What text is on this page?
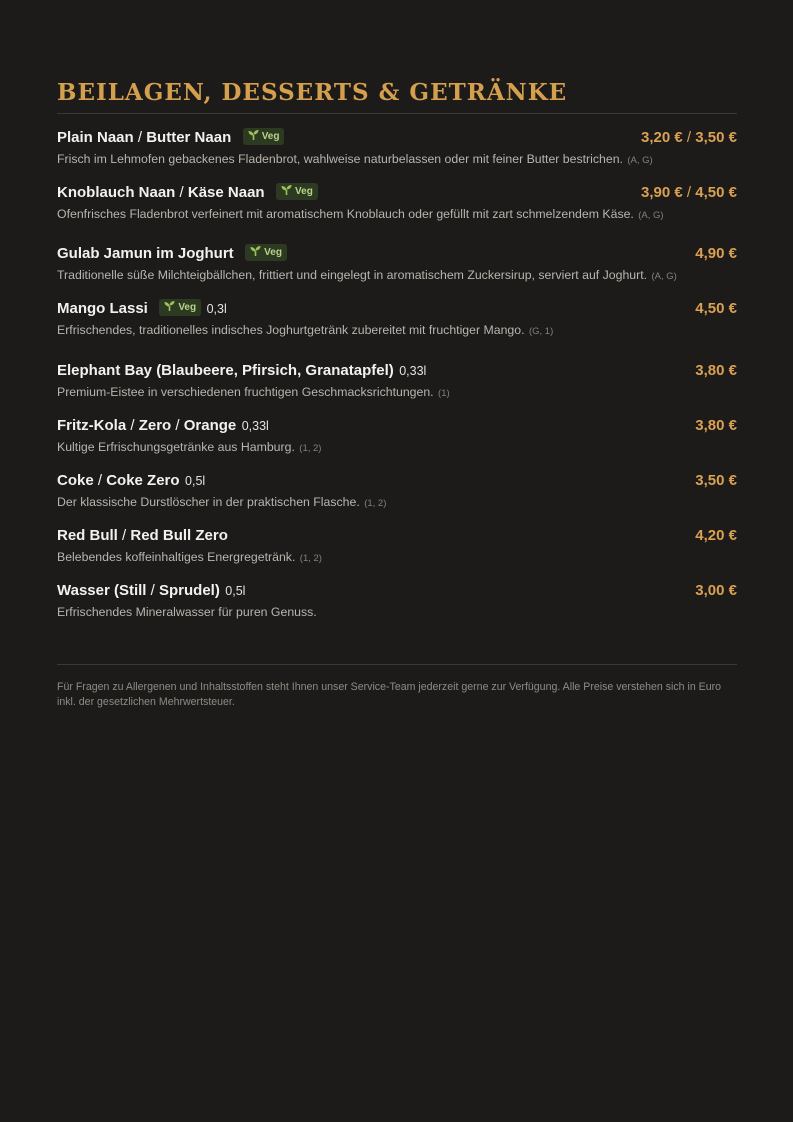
BEILAGEN, DESSERTS & GETRÄNKE
Plain Naan / Butter Naan	Veg	3,20 € / 3,50 €
Frisch im Lehmofen gebackenes Fladenbrot, wahlweise naturbelassen oder mit feiner Butter bestrichen. (A, G)
Knoblauch Naan / Käse Naan	Veg	3,90 € / 4,50 €
Ofenfrisches Fladenbrot verfeinert mit aromatischem Knoblauch oder gefüllt mit zart schmelzendem Käse. (A, G)
Gulab Jamun im Joghurt	Veg	4,90 €
Traditionelle süße Milchteigbällchen, frittiert und eingelegt in aromatischem Zuckersirup, serviert auf Joghurt. (A, G)
Mango Lassi	Veg 0,3l	4,50 €
Erfrischendes, traditionelles indisches Joghurtgetränk zubereitet mit fruchtiger Mango. (G, 1)
Elephant Bay (Blaubeere, Pfirsich, Granatapfel) 0,33l	3,80 €
Premium-Eistee in verschiedenen fruchtigen Geschmacksrichtungen. (1)
Fritz-Kola / Zero / Orange 0,33l	3,80 €
Kultige Erfrischungsgetränke aus Hamburg. (1, 2)
Coke / Coke Zero 0,5l	3,50 €
Der klassische Durstlöscher in der praktischen Flasche. (1, 2)
Red Bull / Red Bull Zero	4,20 €
Belebendes koffeinhaltiges Energregetränk. (1, 2)
Wasser (Still / Sprudel) 0,5l	3,00 €
Erfrischendes Mineralwasser für puren Genuss.

Für Fragen zu Allergenen und Inhaltsstoffen steht Ihnen unser Service-Team jederzeit gerne zur Verfügung. Alle Preise verstehen sich in Euro inkl. der gesetzlichen Mehrwertsteuer.
